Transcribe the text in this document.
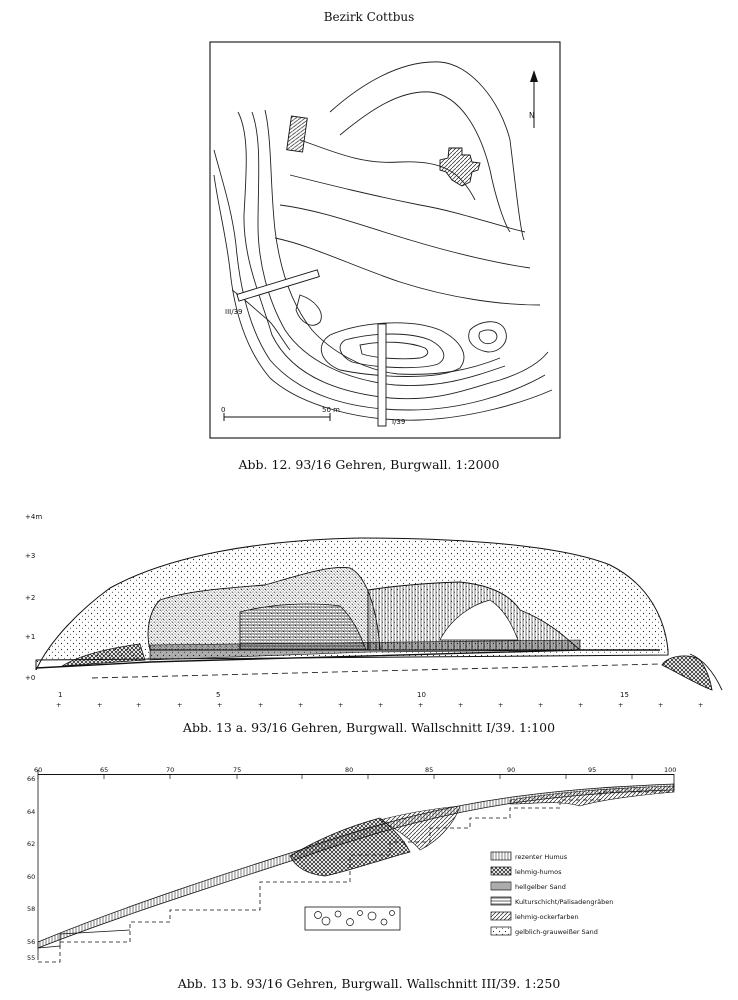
Bezirk Cottbus
rezenter Humus
lehmig-humos
hellgelber Sand
Kulturschicht/Palisadengräben
lehmig-ockerfarben
gelblich-grauweißer Sand
N
I/39
III/39
0	50 m
+4m
+3
+2
+1
+0
1	5	10	15
60	65	70	75	80	85	90	95	100
66
64
62
60
58
56
55
+	+	+	+	+	+	+	+	+	+	+	+	+	+	+	+	+
Abb. 12. 93/16 Gehren, Burgwall. 1:2000
Abb. 13 a. 93/16 Gehren, Burgwall. Wallschnitt I/39. 1:100
Abb. 13 b. 93/16 Gehren, Burgwall. Wallschnitt III/39. 1:250
